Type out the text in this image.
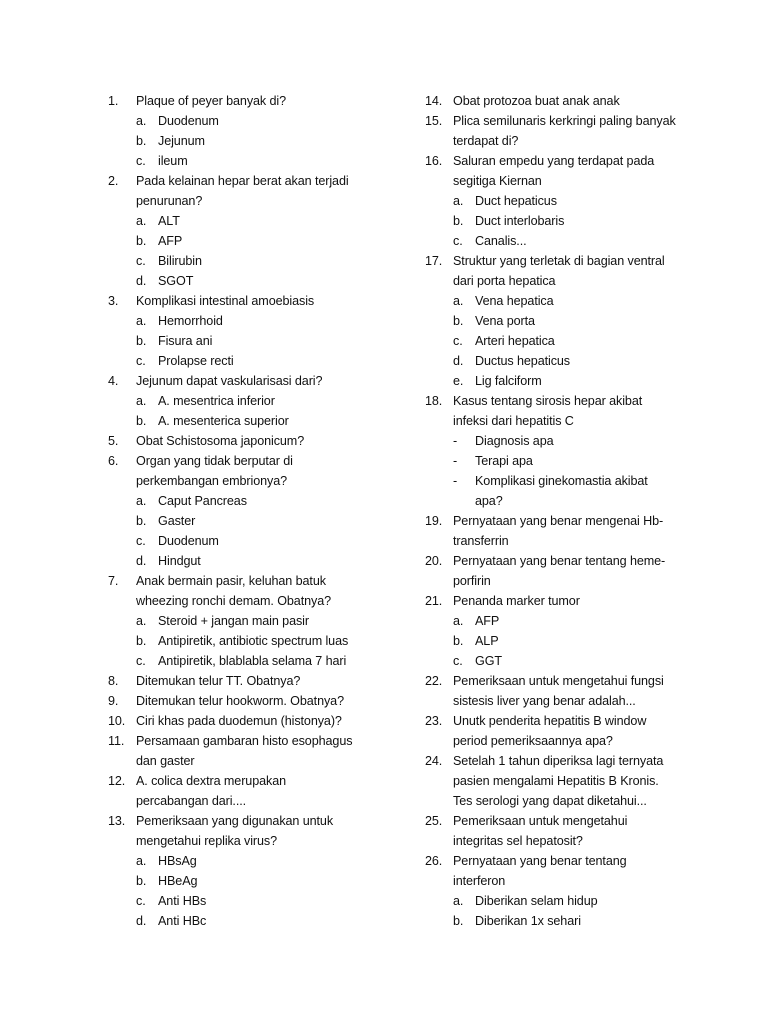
1.	Plaque of peyer banyak di?
a. Duodenum
b. Jejunum
c. ileum
2.	Pada kelainan hepar berat akan terjadi
penurunan?
a. ALT
b. AFP
c. Bilirubin
d. SGOT
3.	Komplikasi intestinal amoebiasis
a. Hemorrhoid
b. Fisura ani
c. Prolapse recti
4.	Jejunum dapat vaskularisasi dari?
a. A. mesentrica inferior
b. A. mesenterica superior
5.	Obat Schistosoma japonicum?
6.	Organ yang tidak berputar di
perkembangan embrionya?
a. Caput Pancreas
b. Gaster
c. Duodenum
d. Hindgut
7.	Anak bermain pasir, keluhan batuk
wheezing ronchi demam. Obatnya?
a. Steroid + jangan main pasir
b. Antipiretik, antibiotic spectrum luas
c. Antipiretik, blablabla selama 7 hari
8.	Ditemukan telur TT. Obatnya?
9.	Ditemukan telur hookworm. Obatnya?
10. Ciri khas pada duodemun (histonya)?
11. Persamaan gambaran histo esophagus
dan gaster
12. A. colica dextra merupakan
percabangan dari....
13. Pemeriksaan yang digunakan untuk
mengetahui replika virus?
a. HBsAg
b. HBeAg
c. Anti HBs
d. Anti HBc
14. Obat protozoa buat anak anak
15. Plica semilunaris kerkringi paling banyak
terdapat di?
16. Saluran empedu yang terdapat pada
segitiga Kiernan
a. Duct hepaticus
b. Duct interlobaris
c. Canalis...
17. Struktur yang terletak di bagian ventral
dari porta hepatica
a. Vena hepatica
b. Vena porta
c. Arteri hepatica
d. Ductus hepaticus
e. Lig falciform
18. Kasus tentang sirosis hepar akibat
infeksi dari hepatitis C
-	Diagnosis apa
-	Terapi apa
-	Komplikasi ginekomastia akibat
apa?
19. Pernyataan yang benar mengenai Hb-
transferrin
20. Pernyataan yang benar tentang heme-
porfirin
21. Penanda marker tumor
a. AFP
b. ALP
c. GGT
22. Pemeriksaan untuk mengetahui fungsi
sistesis liver yang benar adalah...
23. Unutk penderita hepatitis B window
period pemeriksaannya apa?
24. Setelah 1 tahun diperiksa lagi ternyata
pasien mengalami Hepatitis B Kronis.
Tes serologi yang dapat diketahui...
25. Pemeriksaan untuk mengetahui
integritas sel hepatosit?
26. Pernyataan yang benar tentang
interferon
a. Diberikan selam hidup
b. Diberikan 1x sehari
